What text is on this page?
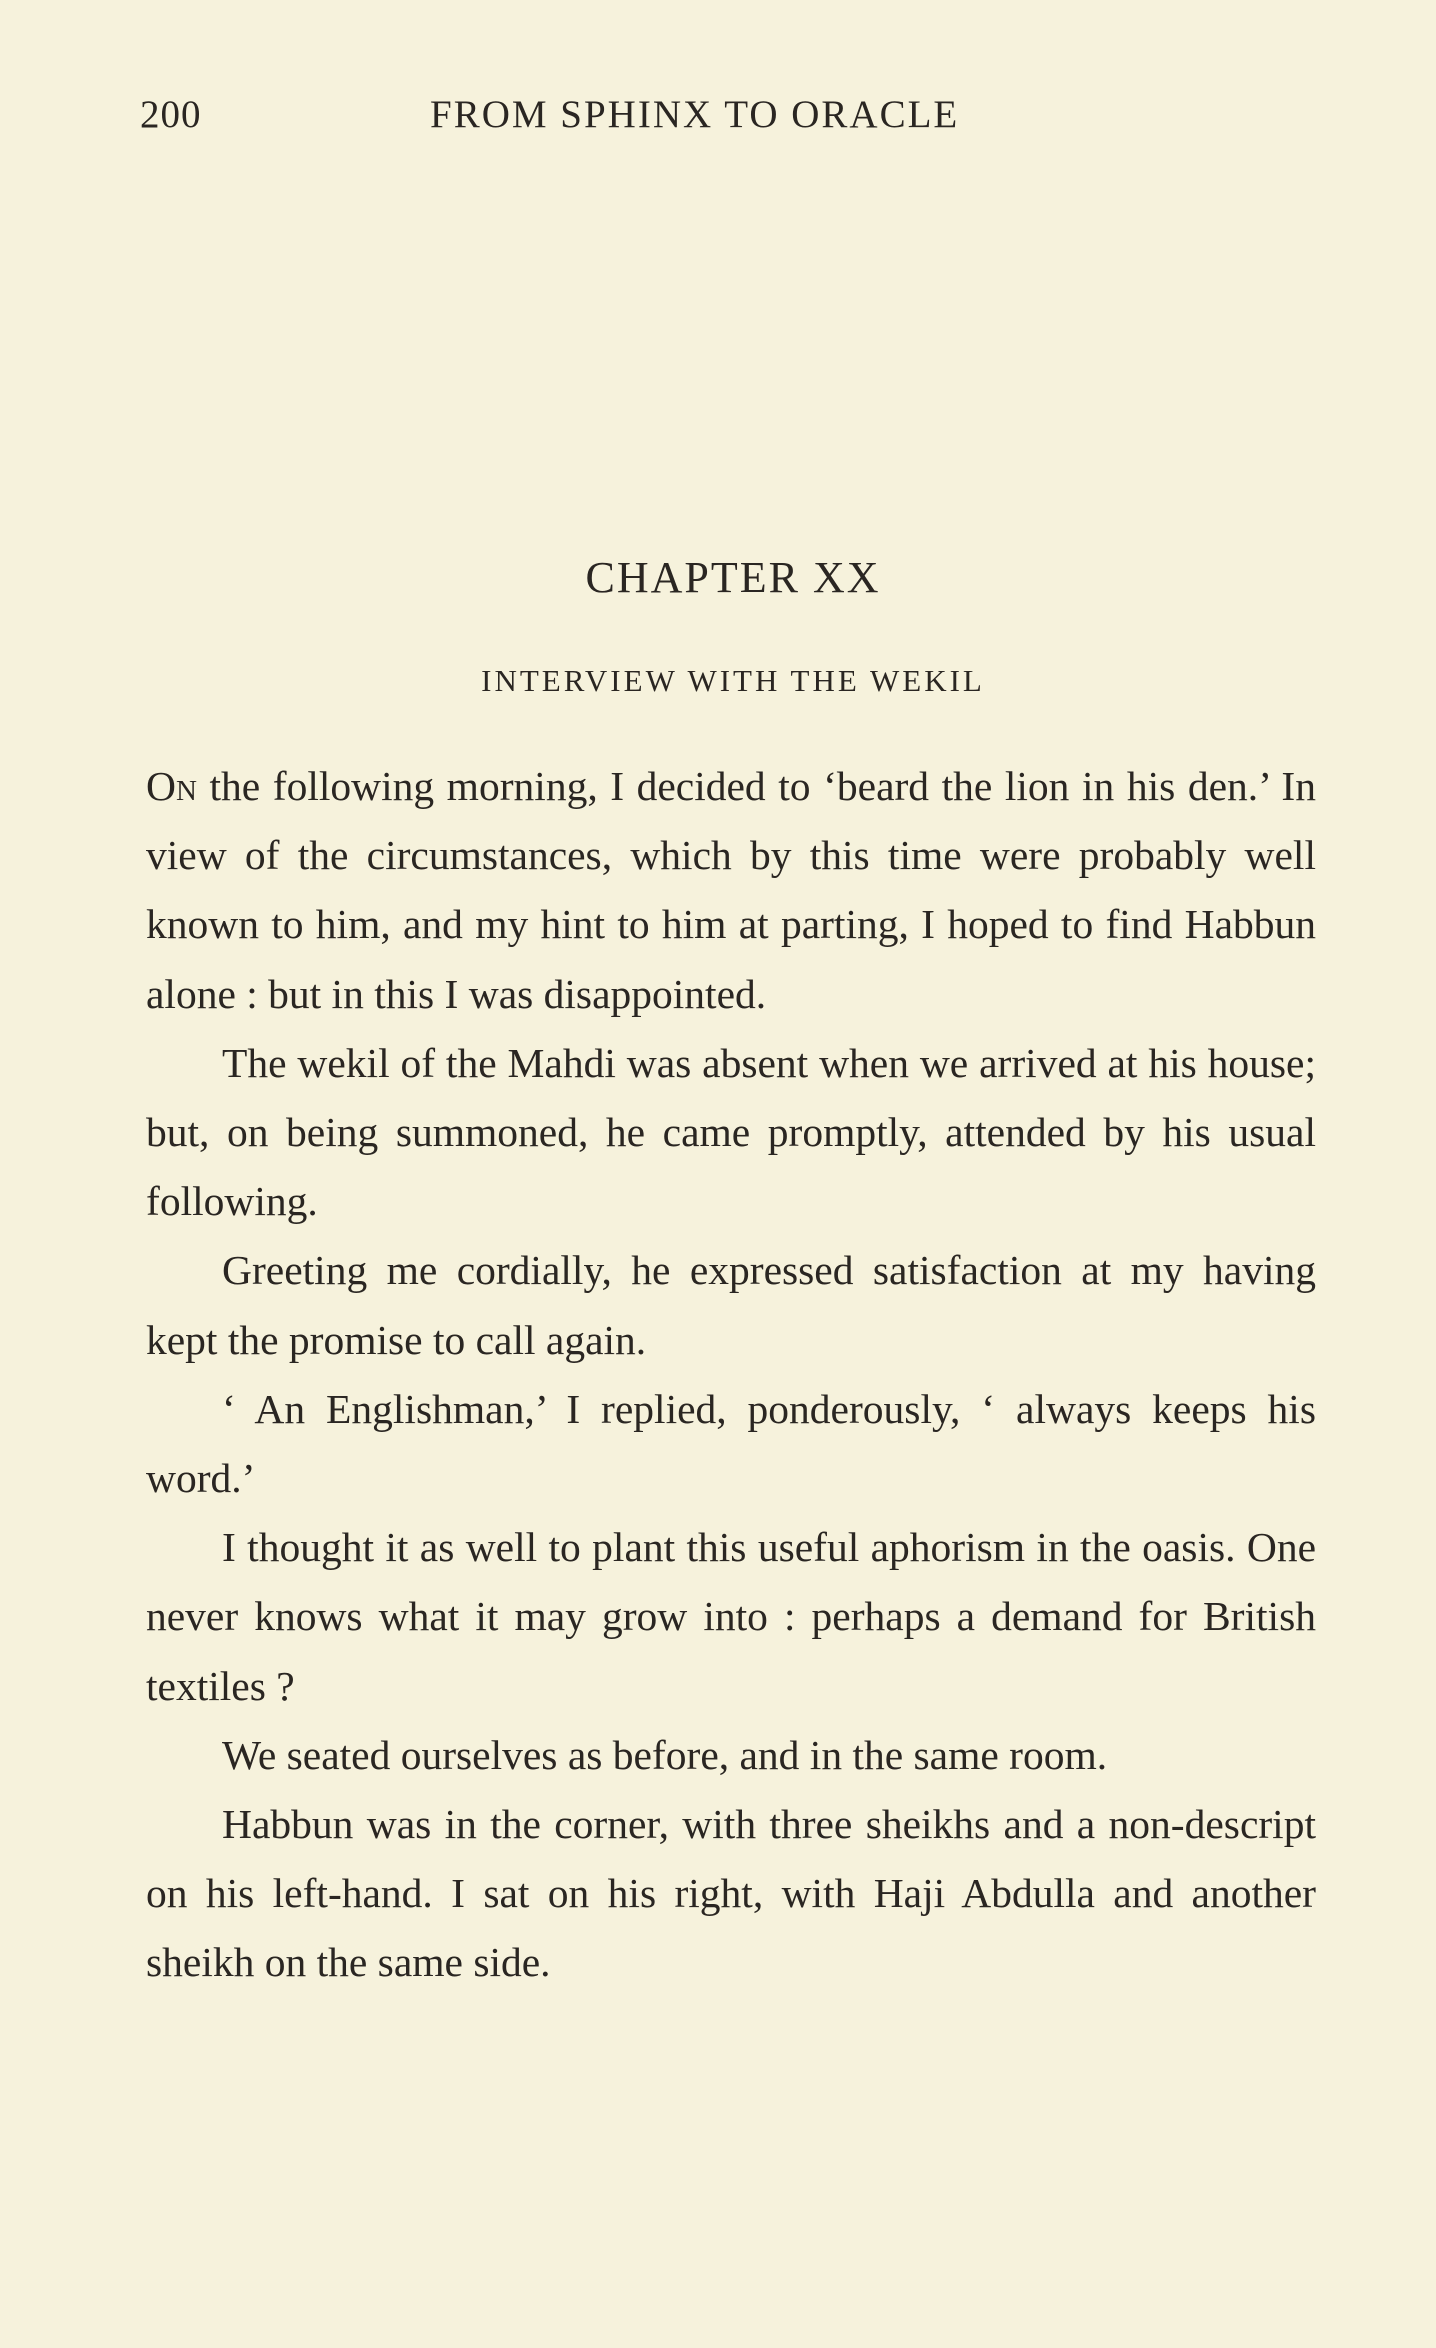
200	FROM SPHINX TO ORACLE
CHAPTER XX
INTERVIEW WITH THE WEKIL

On the following morning, I decided to ‘beard the lion in his den.’ In view of the circumstances, which by this time were probably well known to him, and my hint to him at parting, I hoped to find Habbun alone : but in this I was disappointed.

The wekil of the Mahdi was absent when we arrived at his house; but, on being summoned, he came promptly, attended by his usual following.

Greeting me cordially, he expressed satisfaction at my having kept the promise to call again.

‘ An Englishman,’ I replied, ponderously, ‘ always keeps his word.’

I thought it as well to plant this useful aphorism in the oasis. One never knows what it may grow into : perhaps a demand for British textiles ?

We seated ourselves as before, and in the same room.

Habbun was in the corner, with three sheikhs and a non-descript on his left-hand. I sat on his right, with Haji Abdulla and another sheikh on the same side.
